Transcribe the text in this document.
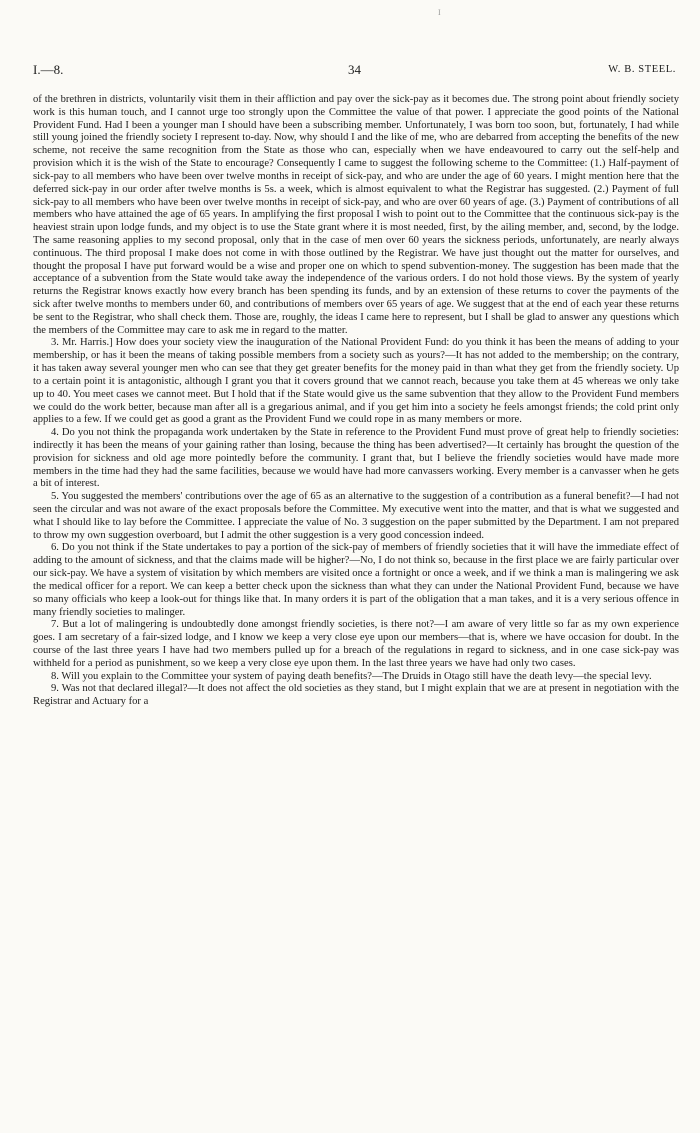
I
I.—8.	34	W. B. STEEL.

of the brethren in districts, voluntarily visit them in their affliction and pay over the sick-pay as it becomes due. The strong point about friendly society work is this human touch, and I cannot urge too strongly upon the Committee the value of that power. I appreciate the good points of the National Provident Fund. Had I been a younger man I should have been a subscribing member. Unfortunately, I was born too soon, but, fortunately, I had while still young joined the friendly society I represent to-day. Now, why should I and the like of me, who are debarred from accepting the benefits of the new scheme, not receive the same recognition from the State as those who can, especially when we have endeavoured to carry out the self-help and provision which it is the wish of the State to encourage? Consequently I came to suggest the following scheme to the Committee: (1.) Half-payment of sick-pay to all members who have been over twelve months in receipt of sick-pay, and who are under the age of 60 years. I might mention here that the deferred sick-pay in our order after twelve months is 5s. a week, which is almost equivalent to what the Registrar has suggested. (2.) Payment of full sick-pay to all members who have been over twelve months in receipt of sick-pay, and who are over 60 years of age. (3.) Payment of contributions of all members who have attained the age of 65 years. In amplifying the first proposal I wish to point out to the Committee that the continuous sick-pay is the heaviest strain upon lodge funds, and my object is to use the State grant where it is most needed, first, by the ailing member, and, second, by the lodge. The same reasoning applies to my second proposal, only that in the case of men over 60 years the sickness periods, unfortunately, are nearly always continuous. The third proposal I make does not come in with those outlined by the Registrar. We have just thought out the matter for ourselves, and thought the proposal I have put forward would be a wise and proper one on which to spend subvention-money. The suggestion has been made that the acceptance of a subvention from the State would take away the independence of the various orders. I do not hold those views. By the system of yearly returns the Registrar knows exactly how every branch has been spending its funds, and by an extension of these returns to cover the payments of the sick after twelve months to members under 60, and contributions of members over 65 years of age. We suggest that at the end of each year these returns be sent to the Registrar, who shall check them. Those are, roughly, the ideas I came here to represent, but I shall be glad to answer any questions which the members of the Committee may care to ask me in regard to the matter.

3. Mr. Harris.] How does your society view the inauguration of the National Provident Fund: do you think it has been the means of adding to your membership, or has it been the means of taking possible members from a society such as yours?—It has not added to the membership; on the contrary, it has taken away several younger men who can see that they get greater benefits for the money paid in than what they get from the friendly society. Up to a certain point it is antagonistic, although I grant you that it covers ground that we cannot reach, because you take them at 45 whereas we only take up to 40. You meet cases we cannot meet. But I hold that if the State would give us the same subvention that they allow to the Provident Fund members we could do the work better, because man after all is a gregarious animal, and if you get him into a society he feels amongst friends; the cold print only applies to a few. If we could get as good a grant as the Provident Fund we could rope in as many members or more.

4. Do you not think the propaganda work undertaken by the State in reference to the Provident Fund must prove of great help to friendly societies: indirectly it has been the means of your gaining rather than losing, because the thing has been advertised?—It certainly has brought the question of the provision for sickness and old age more pointedly before the community. I grant that, but I believe the friendly societies would have made more members in the time had they had the same facilities, because we would have had more canvassers working. Every member is a canvasser when he gets a bit of interest.

5. You suggested the members' contributions over the age of 65 as an alternative to the suggestion of a contribution as a funeral benefit?—I had not seen the circular and was not aware of the exact proposals before the Committee. My executive went into the matter, and that is what we suggested and what I should like to lay before the Committee. I appreciate the value of No. 3 suggestion on the paper submitted by the Department. I am not prepared to throw my own suggestion overboard, but I admit the other suggestion is a very good concession indeed.

6. Do you not think if the State undertakes to pay a portion of the sick-pay of members of friendly societies that it will have the immediate effect of adding to the amount of sickness, and that the claims made will be higher?—No, I do not think so, because in the first place we are fairly particular over our sick-pay. We have a system of visitation by which members are visited once a fortnight or once a week, and if we think a man is malingering we ask the medical officer for a report. We can keep a better check upon the sickness than what they can under the National Provident Fund, because we have so many officials who keep a look-out for things like that. In many orders it is part of the obligation that a man takes, and it is a very serious offence in many friendly societies to malinger.

7. But a lot of malingering is undoubtedly done amongst friendly societies, is there not?—I am aware of very little so far as my own experience goes. I am secretary of a fair-sized lodge, and I know we keep a very close eye upon our members—that is, where we have occasion for doubt. In the course of the last three years I have had two members pulled up for a breach of the regulations in regard to sickness, and in one case sick-pay was withheld for a period as punishment, so we keep a very close eye upon them. In the last three years we have had only two cases.

8. Will you explain to the Committee your system of paying death benefits?—The Druids in Otago still have the death levy—the special levy.

9. Was not that declared illegal?—It does not affect the old societies as they stand, but I might explain that we are at present in negotiation with the Registrar and Actuary for a
